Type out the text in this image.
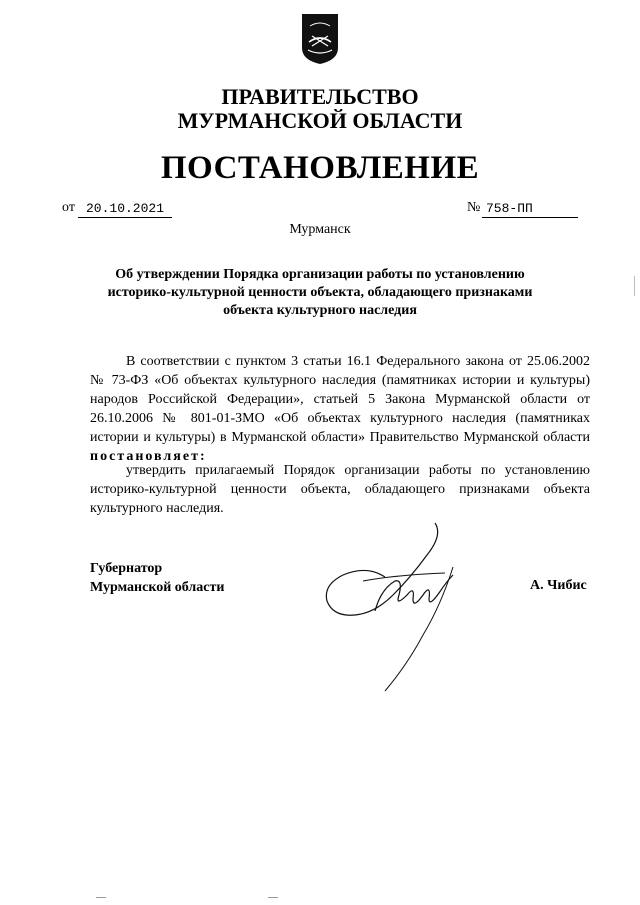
ПРАВИТЕЛЬСТВО
МУРМАНСКОЙ ОБЛАСТИ
ПОСТАНОВЛЕНИЕ
от 20.10.2021	№ 758-ПП
Мурманск
Об утверждении Порядка организации работы по установлению историко-культурной ценности объекта, обладающего признаками объекта культурного наследия
В соответствии с пунктом 3 статьи 16.1 Федерального закона от 25.06.2002 № 73-ФЗ «Об объектах культурного наследия (памятниках истории и культуры) народов Российской Федерации», статьей 5 Закона Мурманской области от 26.10.2006 № 801-01-ЗМО «Об объектах культурного наследия (памятниках истории и культуры) в Мурманской области» Правительство Мурманской области постановляет:
утвердить прилагаемый Порядок организации работы по установлению историко-культурной ценности объекта, обладающего признаками объекта культурного наследия.
Губернатор
Мурманской области	А. Чибис
